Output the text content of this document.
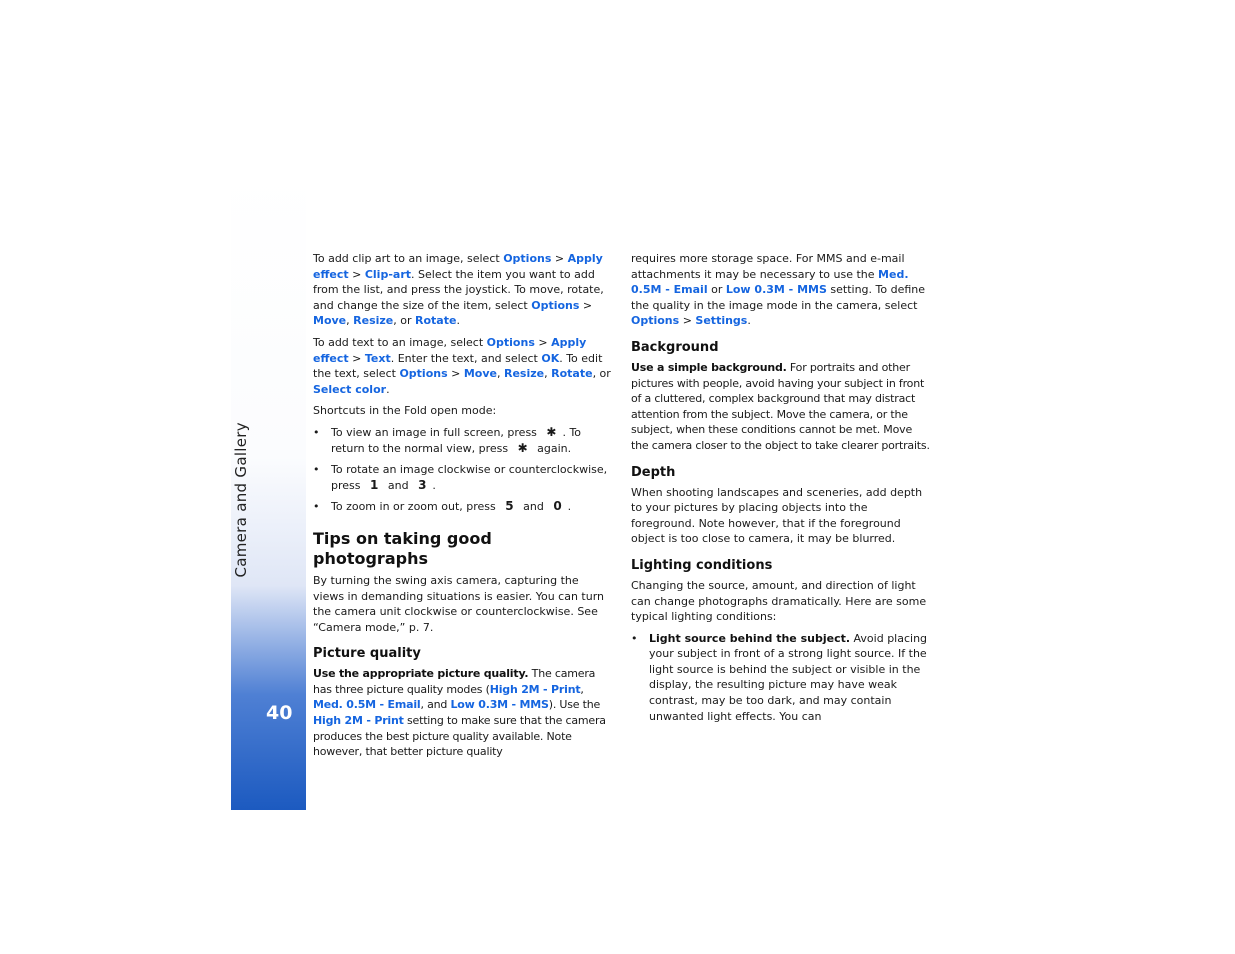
Camera and Gallery
40

To add clip art to an image, select Options > Apply effect > Clip-art. Select the item you want to add from the list, and press the joystick. To move, rotate, and change the size of the item, select Options > Move, Resize, or Rotate.

To add text to an image, select Options > Apply effect > Text. Enter the text, and select OK. To edit the text, select Options > Move, Resize, Rotate, or Select color.

Shortcuts in the Fold open mode:

• To view an image in full screen, press ✱ . To return to the normal view, press ✱ again.
• To rotate an image clockwise or counterclockwise, press 1 and 3 .
• To zoom in or zoom out, press 5 and 0 .
Tips on taking good photographs

By turning the swing axis camera, capturing the views in demanding situations is easier. You can turn the camera unit clockwise or counterclockwise. See “Camera mode,” p. 7.

Picture quality

Use the appropriate picture quality. The camera has three picture quality modes (High 2M - Print, Med. 0.5M - Email, and Low 0.3M - MMS). Use the High 2M - Print setting to make sure that the camera produces the best picture quality available. Note however, that better picture quality

requires more storage space. For MMS and e-mail attachments it may be necessary to use the Med. 0.5M - Email or Low 0.3M - MMS setting. To define the quality in the image mode in the camera, select Options > Settings.

Background

Use a simple background. For portraits and other pictures with people, avoid having your subject in front of a cluttered, complex background that may distract attention from the subject. Move the camera, or the subject, when these conditions cannot be met. Move the camera closer to the object to take clearer portraits.

Depth

When shooting landscapes and sceneries, add depth to your pictures by placing objects into the foreground. Note however, that if the foreground object is too close to camera, it may be blurred.

Lighting conditions

Changing the source, amount, and direction of light can change photographs dramatically. Here are some typical lighting conditions:

• Light source behind the subject. Avoid placing your subject in front of a strong light source. If the light source is behind the subject or visible in the display, the resulting picture may have weak contrast, may be too dark, and may contain unwanted light effects. You can
